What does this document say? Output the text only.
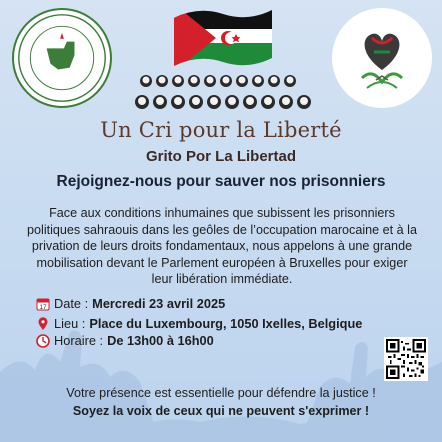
Un Cri pour la Liberté
Grito Por La Libertad
Rejoignez-nous pour sauver nos prisonniers
Face aux conditions inhumaines que subissent les prisonniers politiques sahraouis dans les geôles de l’occupation marocaine et à la privation de leurs droits fondamentaux, nous appelons à une grande mobilisation devant le Parlement européen à Bruxelles pour exiger leur libération immédiate.
17 Date : Mercredi 23 avril 2025
Lieu : Place du Luxembourg, 1050 Ixelles, Belgique
Horaire : De 13h00 à 16h00
Votre présence est essentielle pour défendre la justice !
Soyez la voix de ceux qui ne peuvent s'exprimer !
